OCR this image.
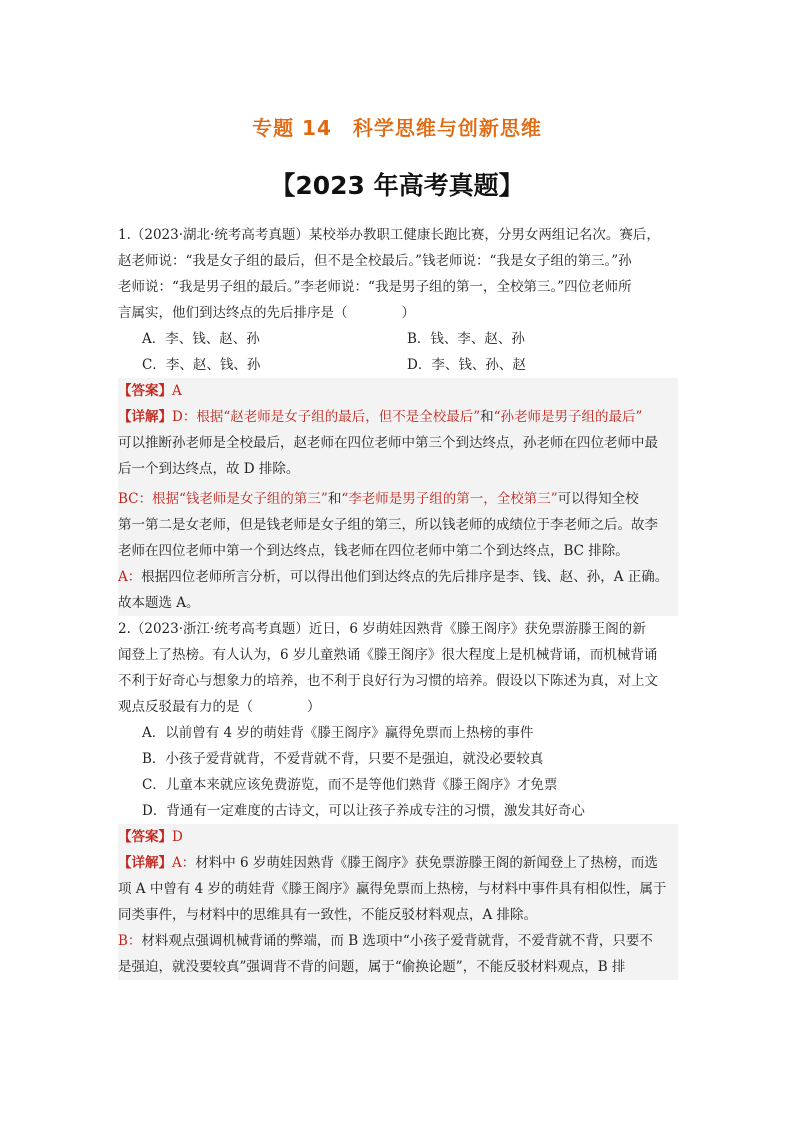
专题 14　科学思维与创新思维
【2023 年高考真题】
1.（2023·湖北·统考高考真题）某校举办教职工健康长跑比赛，分男女两组记名次。赛后，
赵老师说：“我是女子组的最后，但不是全校最后。”钱老师说：“我是女子组的第三。”孙
老师说：“我是男子组的最后。”李老师说：“我是男子组的第一，全校第三。”四位老师所
言属实，他们到达终点的先后排序是（　　　　）
A．李、钱、赵、孙	B．钱、李、赵、孙
C．李、赵、钱、孙	D．李、钱、孙、赵
【答案】A
【详解】D：根据“赵老师是女子组的最后，但不是全校最后”和“孙老师是男子组的最后”
可以推断孙老师是全校最后，赵老师在四位老师中第三个到达终点，孙老师在四位老师中最
后一个到达终点，故 D 排除。
BC：根据“钱老师是女子组的第三”和“李老师是男子组的第一，全校第三”可以得知全校
第一第二是女老师，但是钱老师是女子组的第三，所以钱老师的成绩位于李老师之后。故李
老师在四位老师中第一个到达终点，钱老师在四位老师中第二个到达终点，BC 排除。
A：根据四位老师所言分析，可以得出他们到达终点的先后排序是李、钱、赵、孙，A 正确。
故本题选 A。
2.（2023·浙江·统考高考真题）近日，6 岁萌娃因熟背《滕王阁序》获免票游滕王阁的新
闻登上了热榜。有人认为，6 岁儿童熟诵《滕王阁序》很大程度上是机械背诵，而机械背诵
不利于好奇心与想象力的培养，也不利于良好行为习惯的培养。假设以下陈述为真，对上文
观点反驳最有力的是（　　　　）
A．以前曾有 4 岁的萌娃背《滕王阁序》赢得免票而上热榜的事件
B．小孩子爱背就背，不爱背就不背，只要不是强迫，就没必要较真
C．儿童本来就应该免费游览，而不是等他们熟背《滕王阁序》才免票
D．背通有一定难度的古诗文，可以让孩子养成专注的习惯，激发其好奇心
【答案】D
【详解】A：材料中 6 岁萌娃因熟背《滕王阁序》获免票游滕王阁的新闻登上了热榜，而选
项 A 中曾有 4 岁的萌娃背《滕王阁序》赢得免票而上热榜，与材料中事件具有相似性，属于
同类事件，与材料中的思维具有一致性，不能反驳材料观点，A 排除。
B：材料观点强调机械背诵的弊端，而 B 选项中“小孩子爱背就背，不爱背就不背，只要不
是强迫，就没要较真”强调背不背的问题，属于“偷换论题”，不能反驳材料观点，B 排
